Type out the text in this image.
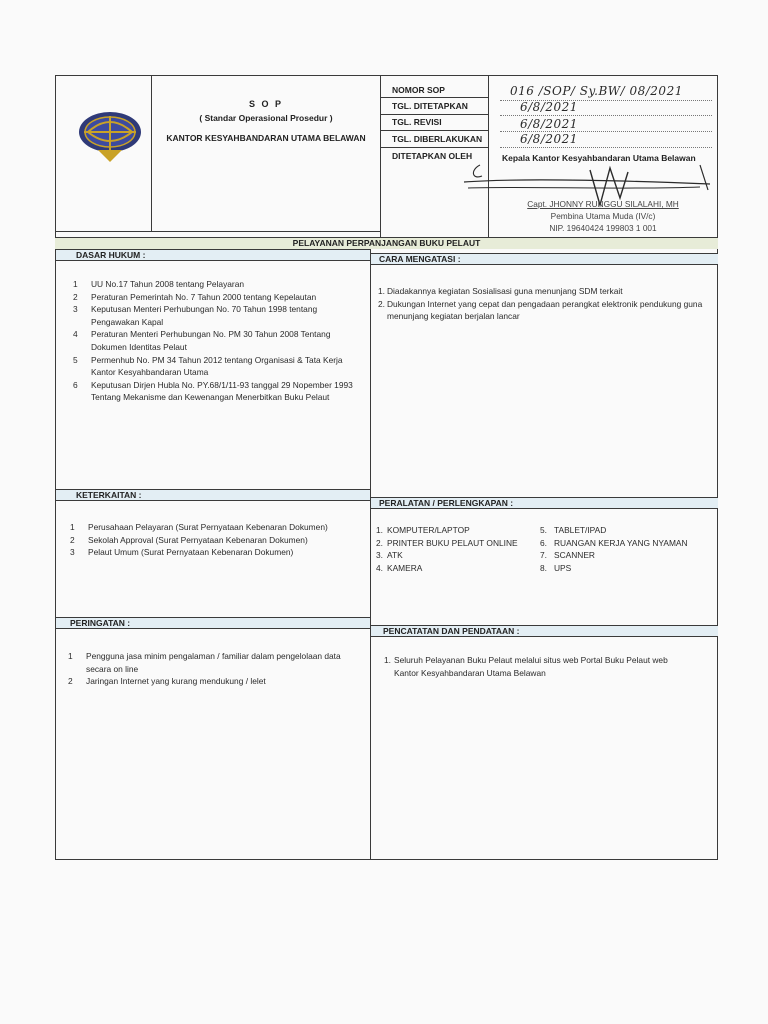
S O P
( Standar Operasional Prosedur )
KANTOR KESYAHBANDARAN UTAMA BELAWAN
NOMOR SOP
TGL. DITETAPKAN
TGL. REVISI
TGL. DIBERLAKUKAN
DITETAPKAN OLEH
016 /SOP/ Sy.BW/ 08/2021
6/8/2021
6/8/2021
6/8/2021
Kepala Kantor Kesyahbandaran Utama Belawan
Capt. JHONNY RUNGGU SILALAHI, MH
Pembina Utama Muda (IV/c)
NIP. 19640424 199803 1 001
PELAYANAN PERPANJANGAN BUKU PELAUT
DASAR HUKUM :
1 UU No.17 Tahun 2008 tentang Pelayaran
2 Peraturan Pemerintah No. 7 Tahun 2000 tentang Kepelautan
3 Keputusan Menteri Perhubungan No. 70 Tahun 1998 tentang Pengawakan Kapal
4 Peraturan Menteri Perhubungan No. PM 30 Tahun 2008 Tentang Dokumen Identitas Pelaut
5 Permenhub No. PM 34 Tahun 2012 tentang Organisasi & Tata Kerja Kantor Kesyahbandaran Utama
6 Keputusan Dirjen Hubla No. PY.68/1/11-93 tanggal 29 Nopember 1993 Tentang Mekanisme dan Kewenangan Menerbitkan Buku Pelaut
CARA MENGATASI :
1. Diadakannya kegiatan Sosialisasi guna menunjang SDM terkait
2. Dukungan Internet yang cepat dan pengadaan perangkat elektronik pendukung guna menunjang kegiatan berjalan lancar
KETERKAITAN :
1 Perusahaan Pelayaran (Surat Pernyataan Kebenaran Dokumen)
2 Sekolah Approval (Surat Pernyataan Kebenaran Dokumen)
3 Pelaut Umum (Surat Pernyataan Kebenaran Dokumen)
PERALATAN / PERLENGKAPAN :
1. KOMPUTER/LAPTOP
2. PRINTER BUKU PELAUT ONLINE
3. ATK
4. KAMERA
5. TABLET/IPAD
6. RUANGAN KERJA YANG NYAMAN
7. SCANNER
8. UPS
PERINGATAN :
1 Pengguna jasa minim pengalaman / familiar dalam pengelolaan data secara on line
2 Jaringan Internet yang kurang mendukung / lelet
PENCATATAN DAN PENDATAAN :
1. Seluruh Pelayanan Buku Pelaut melalui situs web Portal Buku Pelaut web Kantor Kesyahbandaran Utama Belawan
